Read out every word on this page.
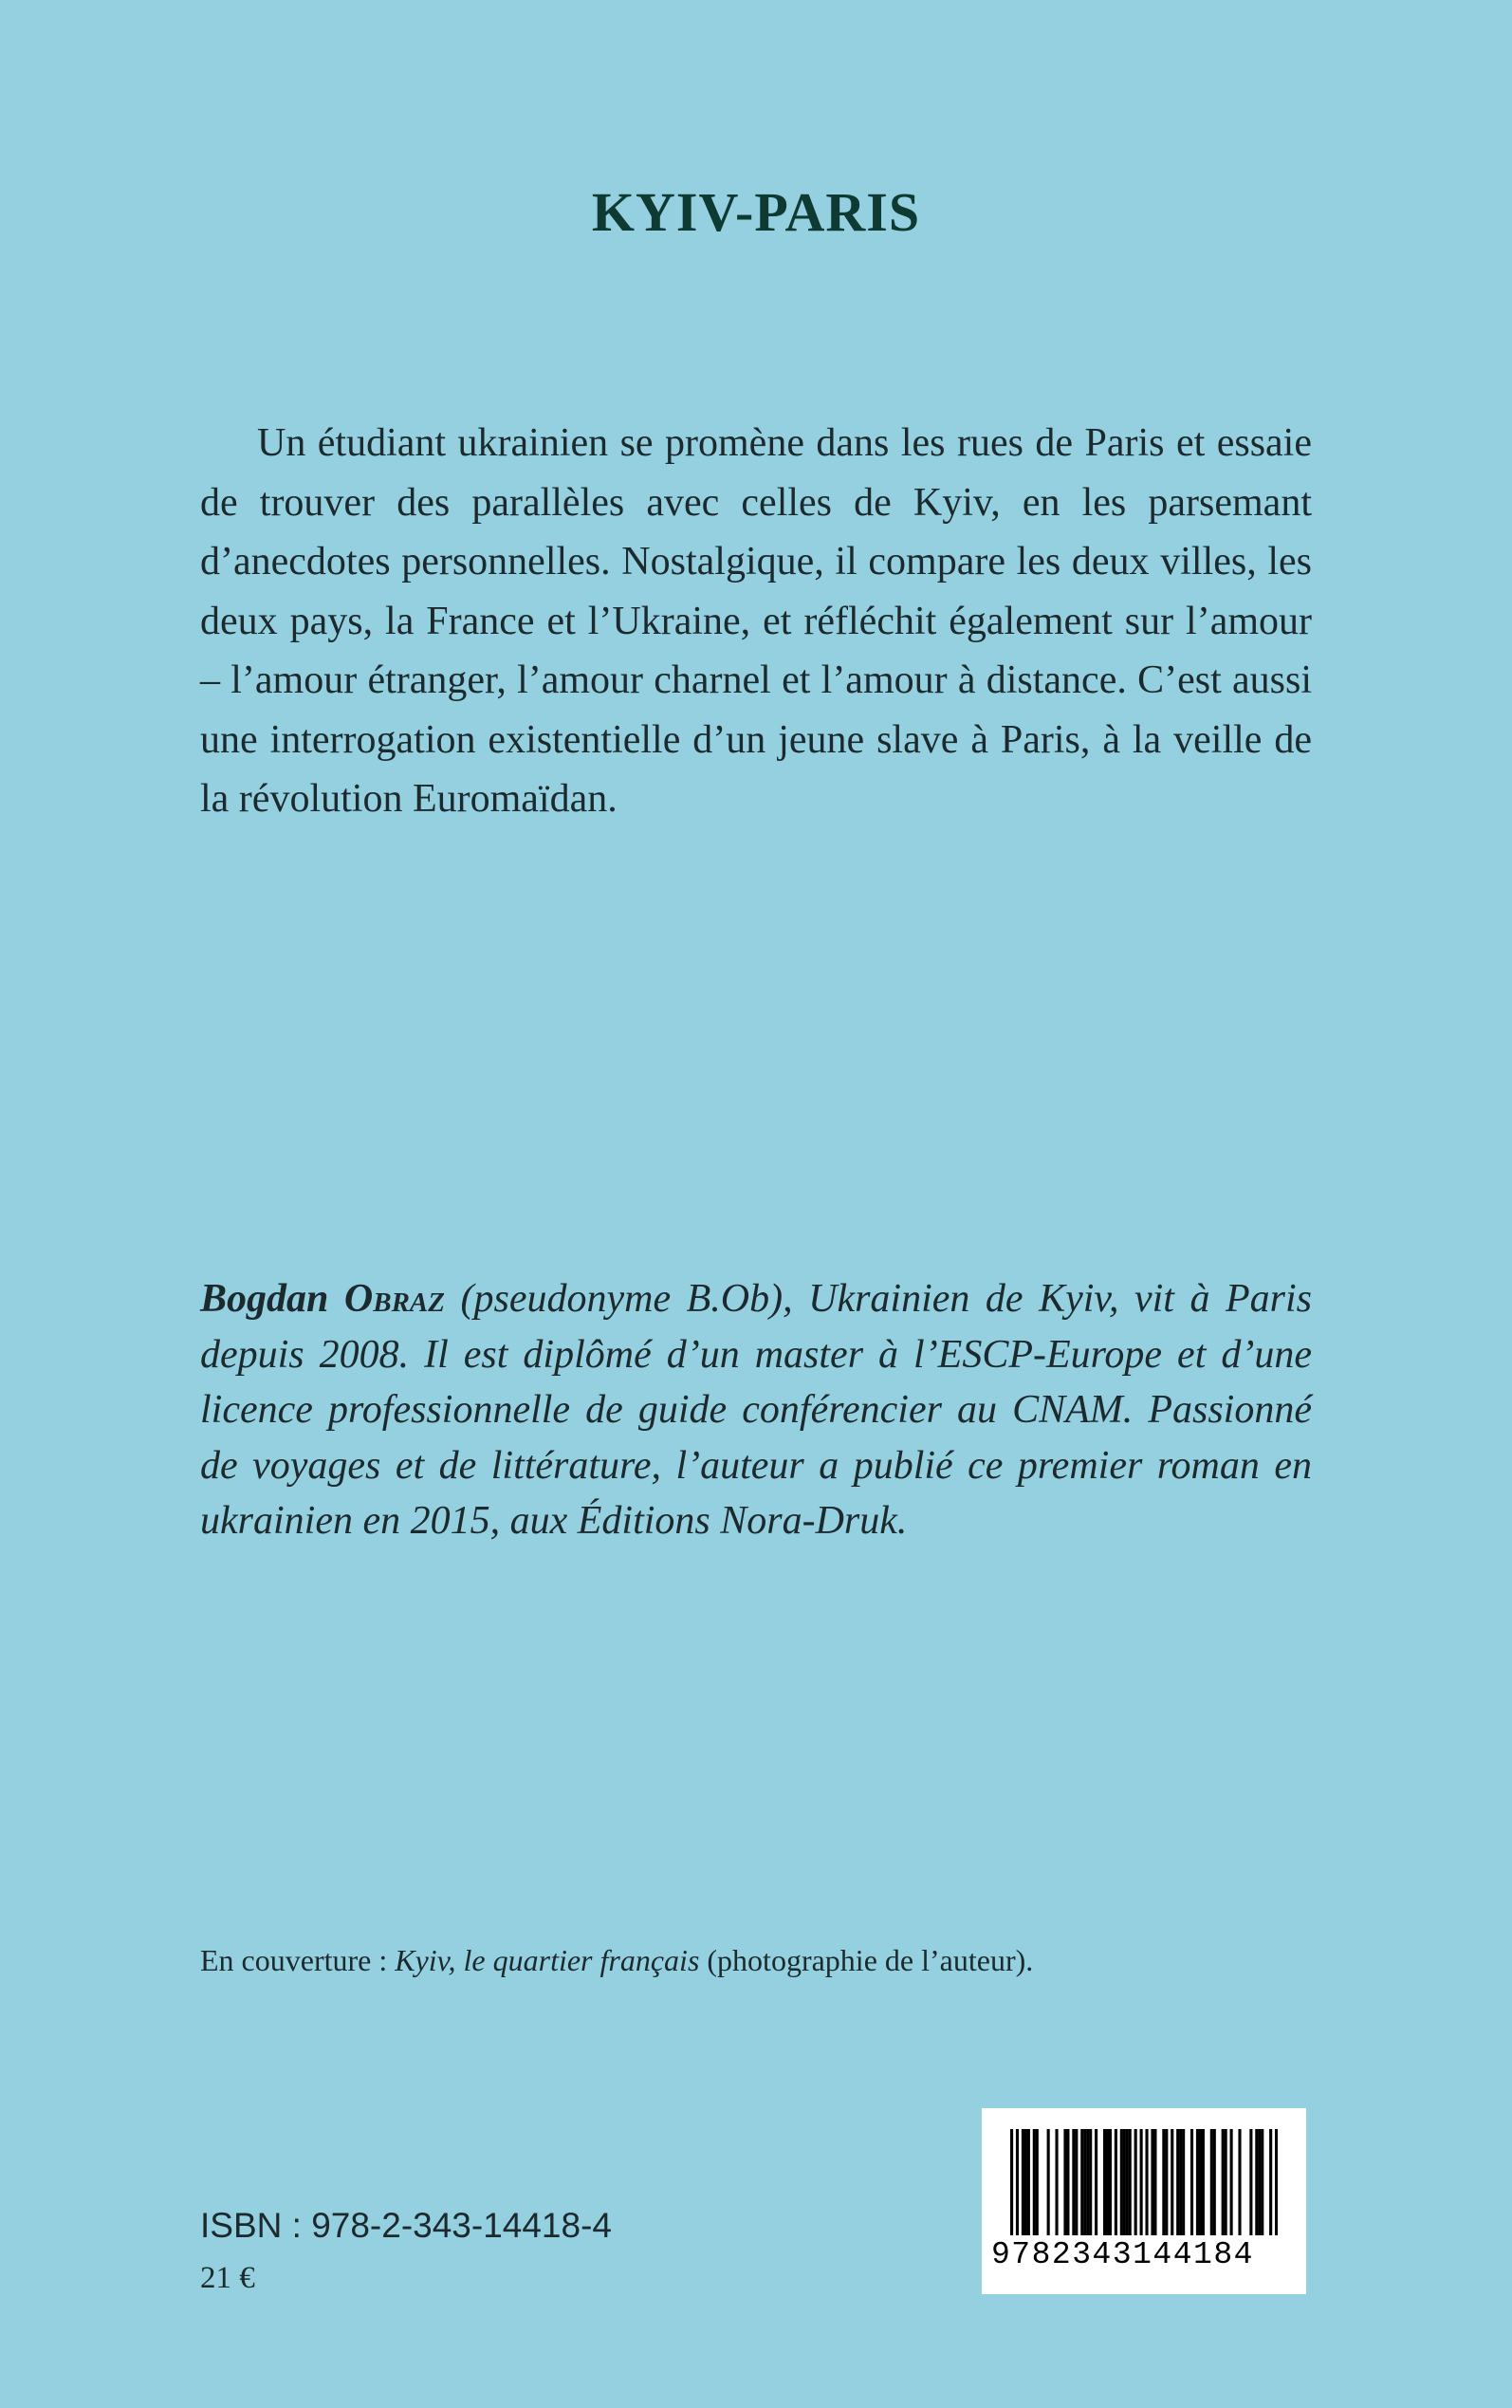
KYIV-PARIS

Un étudiant ukrainien se promène dans les rues de Paris et essaie de trouver des parallèles avec celles de Kyiv, en les parsemant d’anecdotes personnelles. Nostalgique, il compare les deux villes, les deux pays, la France et l’Ukraine, et réfléchit également sur l’amour – l’amour étranger, l’amour charnel et l’amour à distance. C’est aussi une interrogation existentielle d’un jeune slave à Paris, à la veille de la révolution Euromaïdan.

Bogdan Obraz (pseudonyme B.Ob), Ukrainien de Kyiv, vit à Paris depuis 2008. Il est diplômé d’un master à l’ESCP-Europe et d’une licence professionnelle de guide conférencier au CNAM. Passionné de voyages et de littérature, l’auteur a publié ce premier roman en ukrainien en 2015, aux Éditions Nora-Druk.

En couverture : Kyiv, le quartier français (photographie de l’auteur).

ISBN : 978-2-343-14418-4

21 €

9782343144184
